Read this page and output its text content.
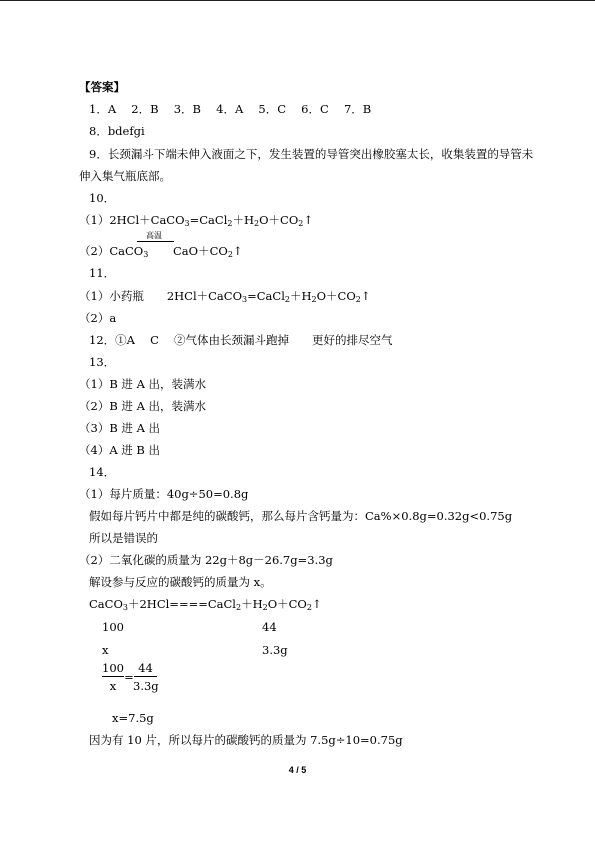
【答案】
1．A　 2．B　 3．B　 4．A　 5．C　 6．C　 7．B
8．bdefgi
9．长颈漏斗下端未伸入液面之下，发生装置的导管突出橡胶塞太长，收集装置的导管未
伸入集气瓶底部。
10．
$(1)2HCl+CaCO_3=CaCl_2+H_2O+CO_2↑$
高温
（2）CaCO$_3$ $CaO+CO_2↑$
11．
（1）小药瓶　　$2HCl+CaCO_3=CaCl_2+H_2O+CO_2↑$
（2）a
12．①A　 C　 ②气体由长颈漏斗跑掉　　更好的排尽空气
13．
（1）B 进 A 出，装满水
（2）B 进 A 出，装满水
（3）B 进 A 出
（4）A 进 B 出
14．
（1）每片质量：40g÷50=0.8g
假如每片钙片中都是纯的碳酸钙，那么每片含钙量为：Ca%×0.8g=0.32g<0.75g
所以是错误的
（2）二氧化碳的质量为 22g＋8g－26.7g=3.3g
解设参与反应的碳酸钙的质量为 x。
$CaCO_3+2HCl====CaCl_2+H_2O+CO_2↑$
100	44
x	3.3g
100
x
=
44
3.3g
x=7.5g
因为有 10 片，所以每片的碳酸钙的质量为 7.5g÷10=0.75g
4 / 5
